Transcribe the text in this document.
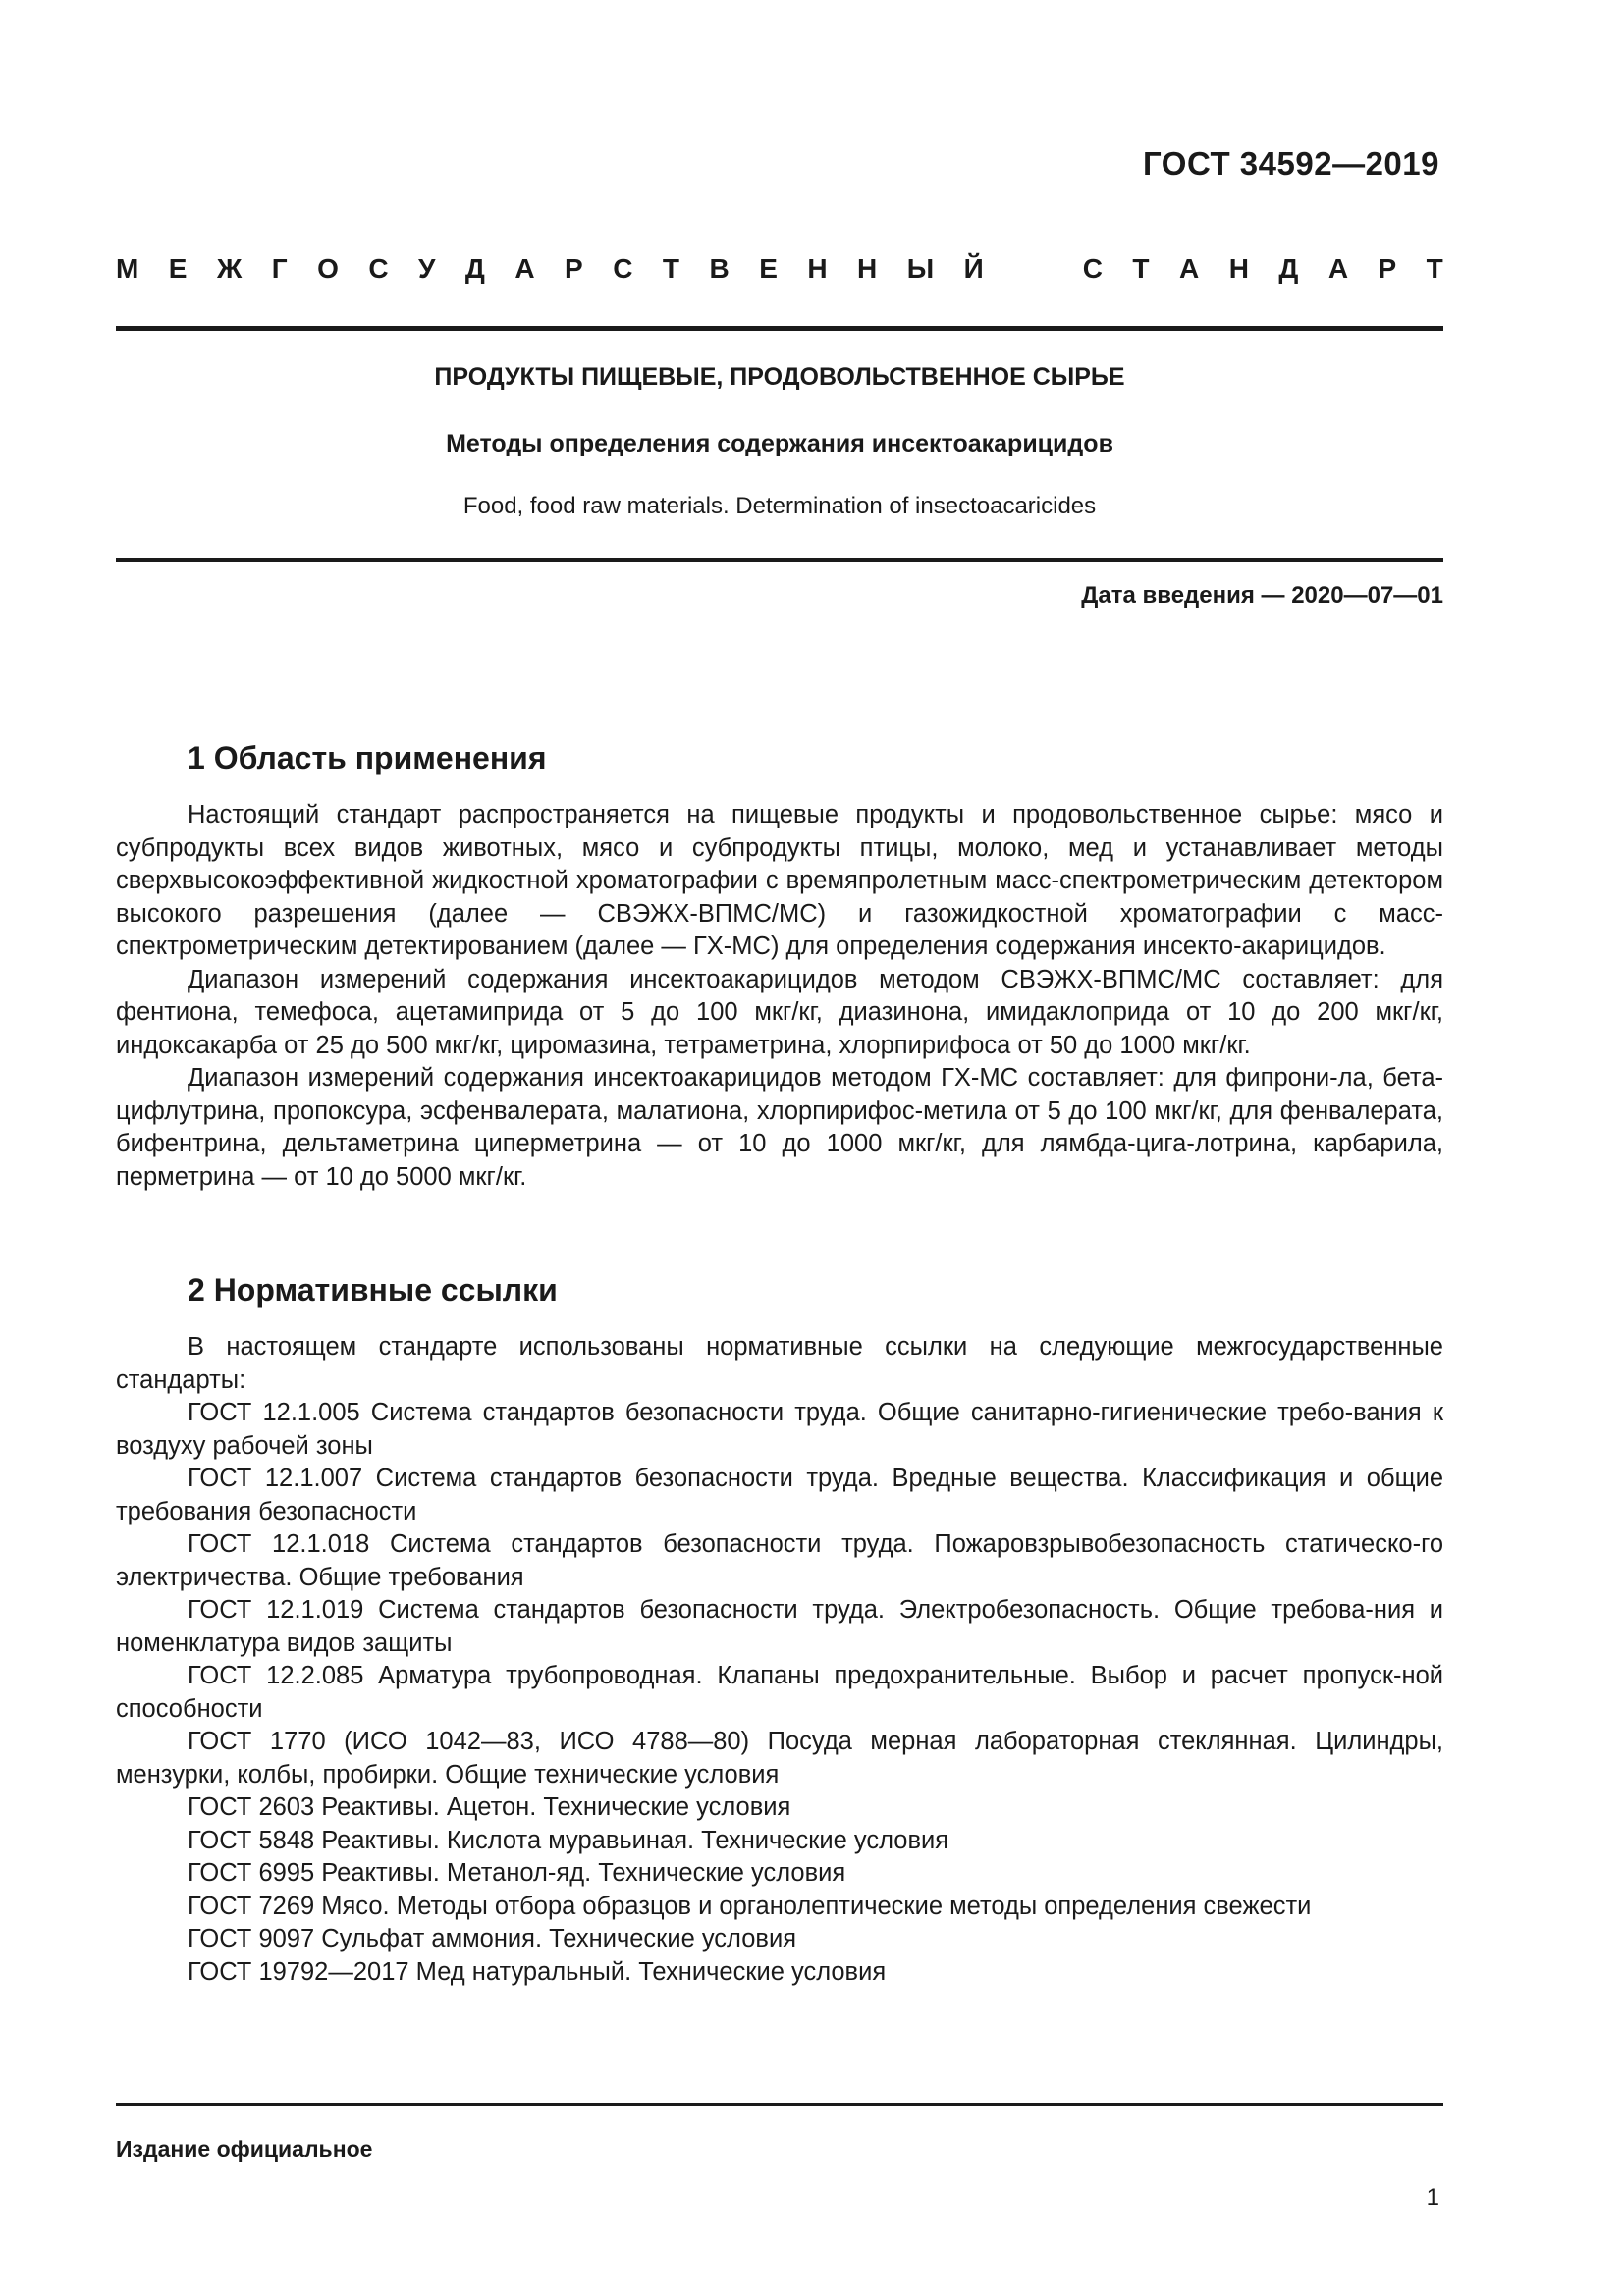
ГОСТ 34592—2019
М Е Ж Г О С У Д А Р С Т В Е Н Н Ы Й	С Т А Н Д А Р Т
ПРОДУКТЫ ПИЩЕВЫЕ, ПРОДОВОЛЬСТВЕННОЕ СЫРЬЕ
Методы определения содержания инсектоакарицидов
Food, food raw materials. Determination of insectoacaricides
Дата введения — 2020—07—01
1 Область применения

Настоящий стандарт распространяется на пищевые продукты и продовольственное сырье: мясо и субпродукты всех видов животных, мясо и субпродукты птицы, молоко, мед и устанавливает методы сверхвысокоэффективной жидкостной хроматографии с времяпролетным масс-спектрометрическим детектором высокого разрешения (далее — СВЭЖХ-ВПМС/МС) и газожидкостной хроматографии с масс-спектрометрическим детектированием (далее — ГХ-МС) для определения содержания инсекто-акарицидов.

Диапазон измерений содержания инсектоакарицидов методом СВЭЖХ-ВПМС/МС составляет: для фентиона, темефоса, ацетамиприда от 5 до 100 мкг/кг, диазинона, имидаклоприда от 10 до 200 мкг/кг, индоксакарба от 25 до 500 мкг/кг, циромазина, тетраметрина, хлорпирифоса от 50 до 1000 мкг/кг.

Диапазон измерений содержания инсектоакарицидов методом ГХ-МС составляет: для фипрони-ла, бета-цифлутрина, пропоксура, эсфенвалерата, малатиона, хлорпирифос-метила от 5 до 100 мкг/кг, для фенвалерата, бифентрина, дельтаметрина циперметрина — от 10 до 1000 мкг/кг, для лямбда-цига-лотрина, карбарила, перметрина — от 10 до 5000 мкг/кг.

2 Нормативные ссылки

В настоящем стандарте использованы нормативные ссылки на следующие межгосударственные стандарты:

ГОСТ 12.1.005 Система стандартов безопасности труда. Общие санитарно-гигиенические требо-вания к воздуху рабочей зоны

ГОСТ 12.1.007 Система стандартов безопасности труда. Вредные вещества. Классификация и общие требования безопасности

ГОСТ 12.1.018 Система стандартов безопасности труда. Пожаровзрывобезопасность статическо-го электричества. Общие требования

ГОСТ 12.1.019 Система стандартов безопасности труда. Электробезопасность. Общие требова-ния и номенклатура видов защиты

ГОСТ 12.2.085 Арматура трубопроводная. Клапаны предохранительные. Выбор и расчет пропуск-ной способности

ГОСТ 1770 (ИСО 1042—83, ИСО 4788—80) Посуда мерная лабораторная стеклянная. Цилиндры, мензурки, колбы, пробирки. Общие технические условия

ГОСТ 2603 Реактивы. Ацетон. Технические условия

ГОСТ 5848 Реактивы. Кислота муравьиная. Технические условия

ГОСТ 6995 Реактивы. Метанол-яд. Технические условия

ГОСТ 7269 Мясо. Методы отбора образцов и органолептические методы определения свежести

ГОСТ 9097 Сульфат аммония. Технические условия

ГОСТ 19792—2017 Мед натуральный. Технические условия

Издание официальное
1
